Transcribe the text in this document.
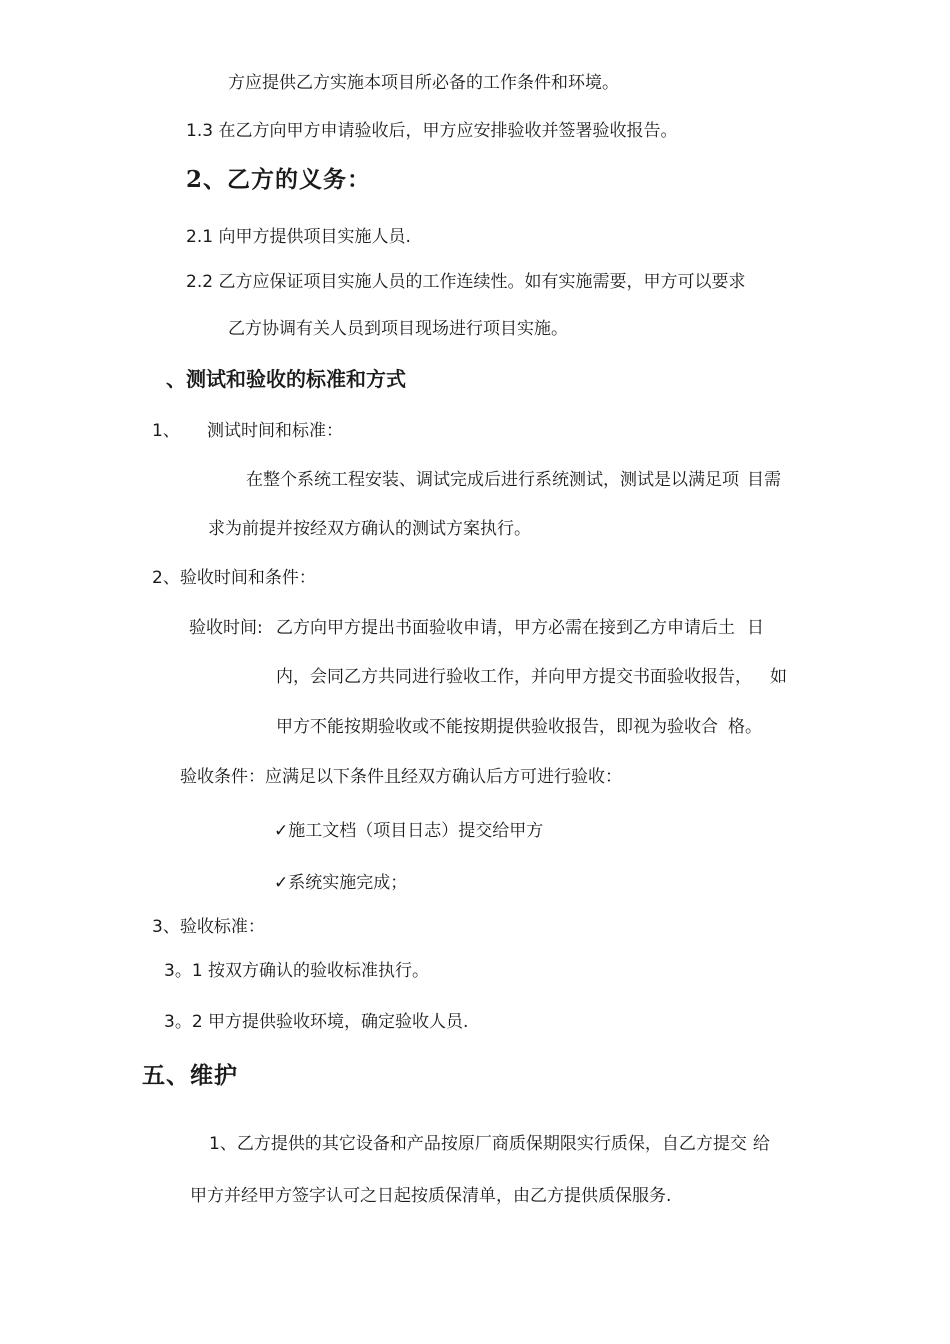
方应提供乙方实施本项目所必备的工作条件和环境。
1.3 在乙方向甲方申请验收后，甲方应安排验收并签署验收报告。
2、乙方的义务：
2.1 向甲方提供项目实施人员.
2.2 乙方应保证项目实施人员的工作连续性。如有实施需要，甲方可以要求
乙方协调有关人员到项目现场进行项目实施。
、测试和验收的标准和方式
1、 测试时间和标准：
在整个系统工程安装、调试完成后进行系统测试，测试是以满足项 目需
求为前提并按经双方确认的测试方案执行。
2、验收时间和条件：
验收时间: 乙方向甲方提出书面验收申请，甲方必需在接到乙方申请后土 日
内，会同乙方共同进行验收工作，并向甲方提交书面验收报告， 如
甲方不能按期验收或不能按期提供验收报告，即视为验收合 格。
验收条件：应满足以下条件且经双方确认后方可进行验收：
✓施工文档（项目日志）提交给甲方
✓系统实施完成；
3、验收标准：
3。1 按双方确认的验收标准执行。
3。2 甲方提供验收环境，确定验收人员.
五、维护
1、乙方提供的其它设备和产品按原厂商质保期限实行质保，自乙方提交 给
甲方并经甲方签字认可之日起按质保清单，由乙方提供质保服务.
